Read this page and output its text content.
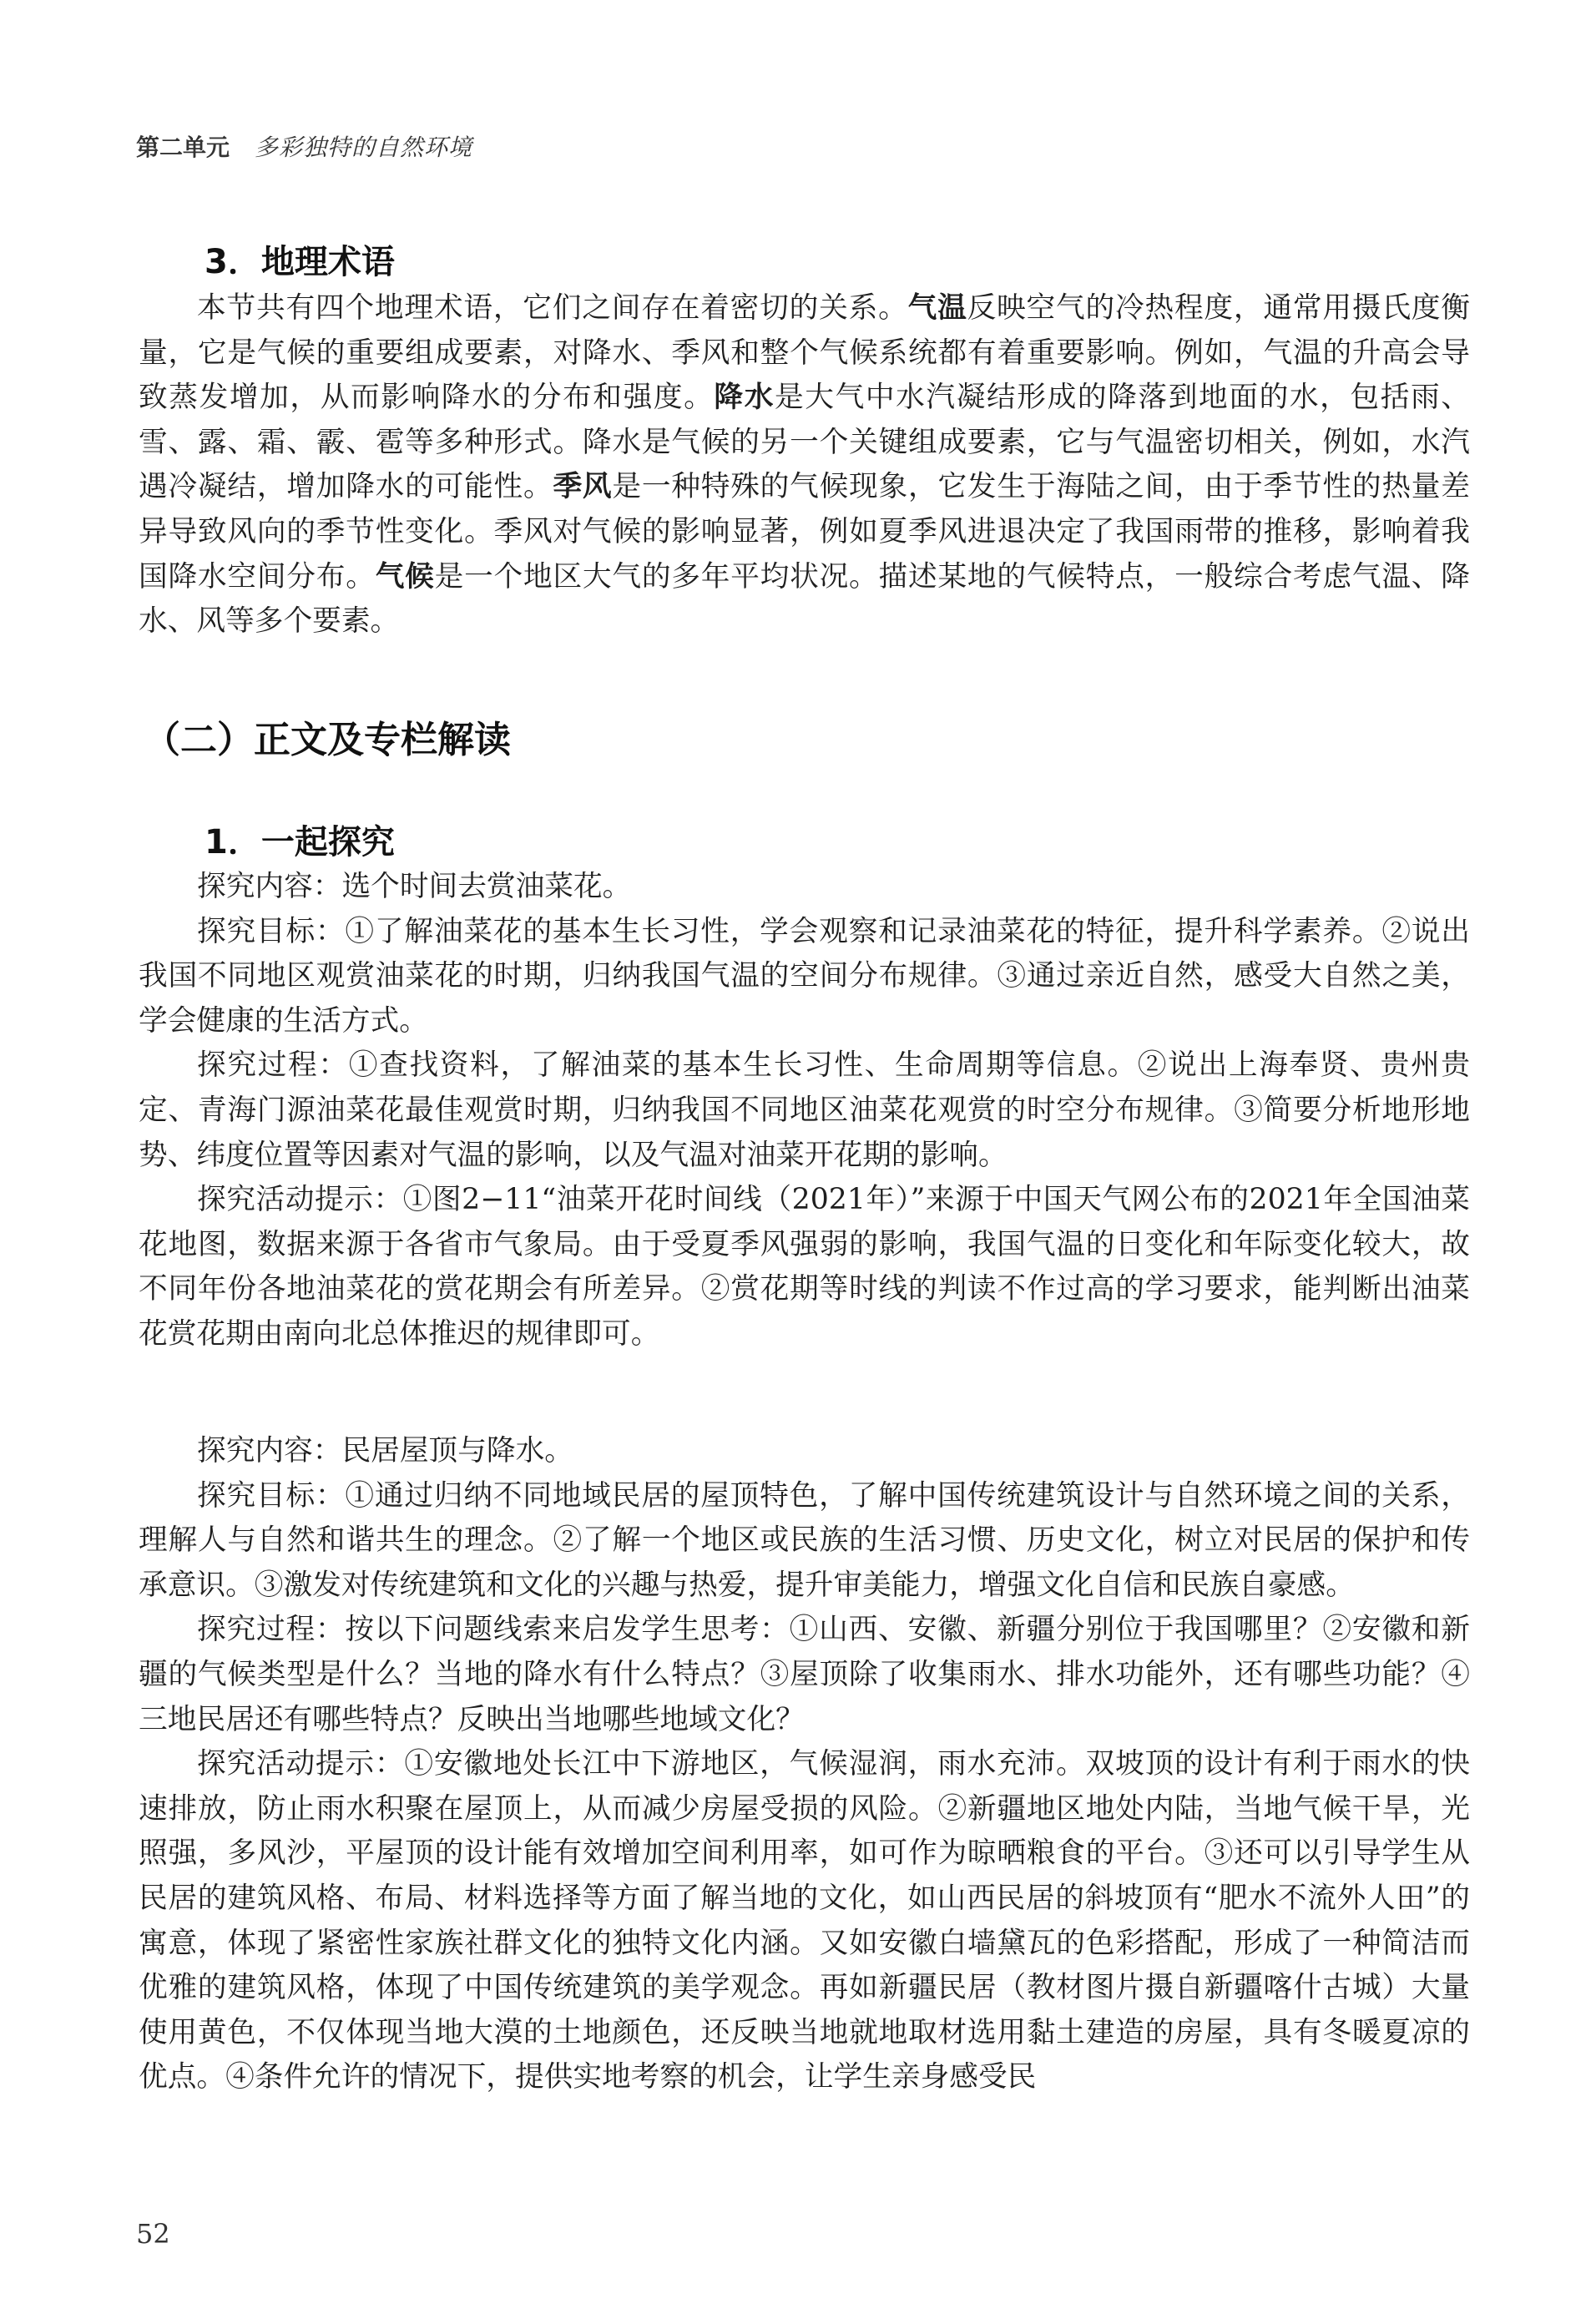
第二单元 多彩独特的自然环境
3．地理术语

本节共有四个地理术语，它们之间存在着密切的关系。气温反映空气的冷热程度，通常用摄氏度衡量，它是气候的重要组成要素，对降水、季风和整个气候系统都有着重要影响。例如，气温的升高会导致蒸发增加，从而影响降水的分布和强度。降水是大气中水汽凝结形成的降落到地面的水，包括雨、雪、露、霜、霰、雹等多种形式。降水是气候的另一个关键组成要素，它与气温密切相关，例如，水汽遇冷凝结，增加降水的可能性。季风是一种特殊的气候现象，它发生于海陆之间，由于季节性的热量差异导致风向的季节性变化。季风对气候的影响显著，例如夏季风进退决定了我国雨带的推移，影响着我国降水空间分布。气候是一个地区大气的多年平均状况。描述某地的气候特点，一般综合考虑气温、降水、风等多个要素。

（二）正文及专栏解读
1．一起探究

探究内容：选个时间去赏油菜花。

探究目标：①了解油菜花的基本生长习性，学会观察和记录油菜花的特征，提升科学素养。②说出我国不同地区观赏油菜花的时期，归纳我国气温的空间分布规律。③通过亲近自然，感受大自然之美，学会健康的生活方式。

探究过程：①查找资料，了解油菜的基本生长习性、生命周期等信息。②说出上海奉贤、贵州贵定、青海门源油菜花最佳观赏时期，归纳我国不同地区油菜花观赏的时空分布规律。③简要分析地形地势、纬度位置等因素对气温的影响，以及气温对油菜开花期的影响。

探究活动提示：①图2−11“油菜开花时间线（2021年）”来源于中国天气网公布的2021年全国油菜花地图，数据来源于各省市气象局。由于受夏季风强弱的影响，我国气温的日变化和年际变化较大，故不同年份各地油菜花的赏花期会有所差异。②赏花期等时线的判读不作过高的学习要求，能判断出油菜花赏花期由南向北总体推迟的规律即可。

探究内容：民居屋顶与降水。

探究目标：①通过归纳不同地域民居的屋顶特色，了解中国传统建筑设计与自然环境之间的关系，理解人与自然和谐共生的理念。②了解一个地区或民族的生活习惯、历史文化，树立对民居的保护和传承意识。③激发对传统建筑和文化的兴趣与热爱，提升审美能力，增强文化自信和民族自豪感。

探究过程：按以下问题线索来启发学生思考：①山西、安徽、新疆分别位于我国哪里？②安徽和新疆的气候类型是什么？当地的降水有什么特点？③屋顶除了收集雨水、排水功能外，还有哪些功能？④三地民居还有哪些特点？反映出当地哪些地域文化？

探究活动提示：①安徽地处长江中下游地区，气候湿润，雨水充沛。双坡顶的设计有利于雨水的快速排放，防止雨水积聚在屋顶上，从而减少房屋受损的风险。②新疆地区地处内陆，当地气候干旱，光照强，多风沙，平屋顶的设计能有效增加空间利用率，如可作为晾晒粮食的平台。③还可以引导学生从民居的建筑风格、布局、材料选择等方面了解当地的文化，如山西民居的斜坡顶有“肥水不流外人田”的寓意，体现了紧密性家族社群文化的独特文化内涵。又如安徽白墙黛瓦的色彩搭配，形成了一种简洁而优雅的建筑风格，体现了中国传统建筑的美学观念。再如新疆民居（教材图片摄自新疆喀什古城）大量使用黄色，不仅体现当地大漠的土地颜色，还反映当地就地取材选用黏土建造的房屋，具有冬暖夏凉的优点。④条件允许的情况下，提供实地考察的机会，让学生亲身感受民

52
